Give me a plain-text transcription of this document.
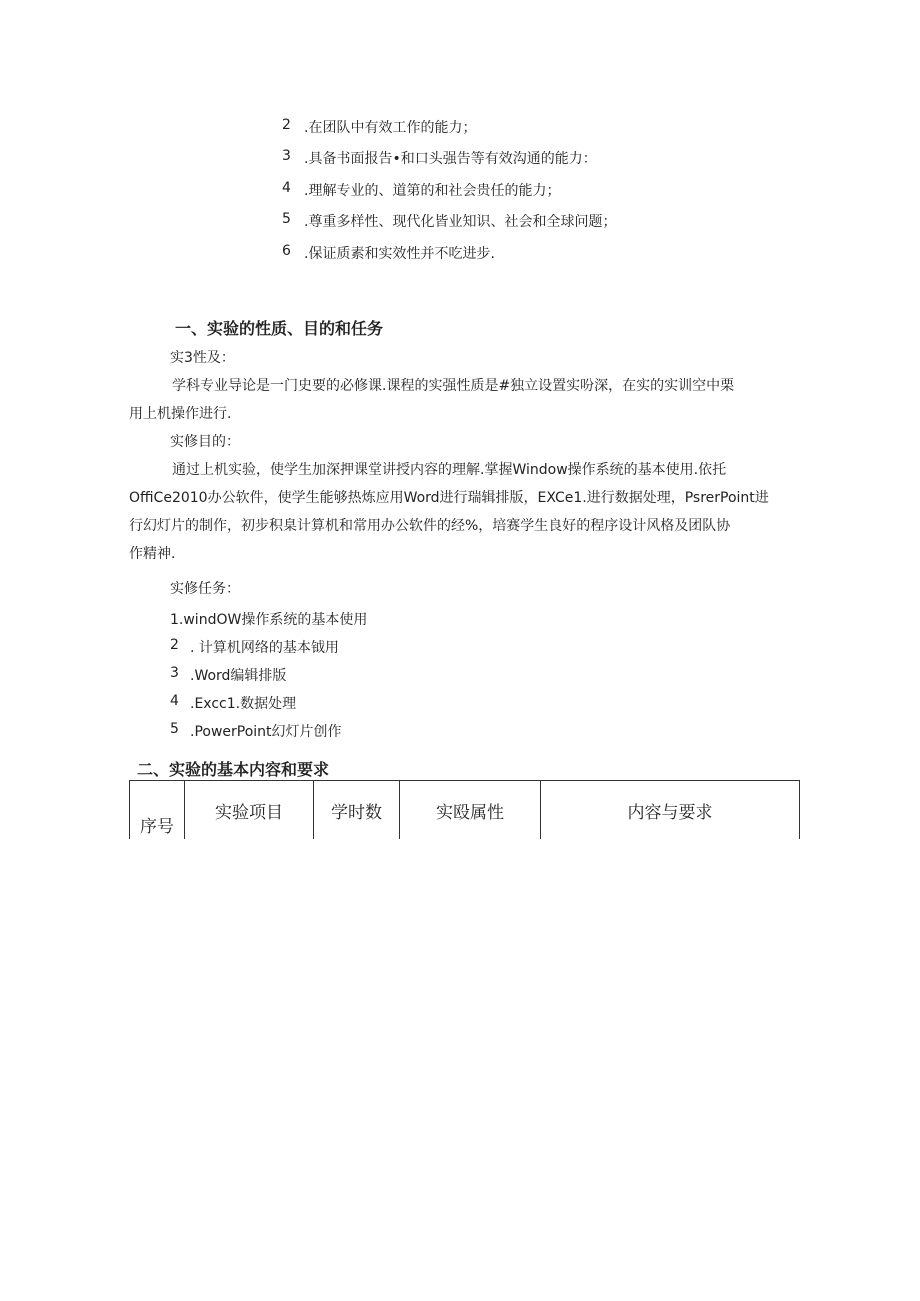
2 .在团队中有效工作的能力；
3 .具备书面报告•和口头强告等有效沟通的能力：
4 .理解专业的、道第的和社会贵任的能力；
5 .尊重多样性、现代化皆业知识、社会和全球问题；
6 .保证质素和实效性并不吃进步.
一、实验的性质、目的和任务
实3性及：
学科专业导论是一门史要的必修课.课程的实强性质是#独立设置实吩深，在实的实训空中栗
用上机操作进行.
实修目的：
通过上机实验，使学生加深押课堂讲授内容的理解.掌握Window操作系统的基本使用.依托
OffiCe2010办公软件，使学生能够热炼应用Word进行瑞辑排版，EXCe1.进行数据处理，PsrerPoint进
行幻灯片的制作，初步积臬计算机和常用办公软件的经%，培赛学生良好的程序设计风格及团队协
作精神.
实修任务：
1.windOW操作系统的基本使用
2 . 计算机网络的基本钺用
3 .Word编辑排版
4 .Excc1.数据处理
5 .PowerPoint幻灯片创作
二、实验的基本内容和要求
序号	实验项目	学时数	实殴属性	内容与要求
